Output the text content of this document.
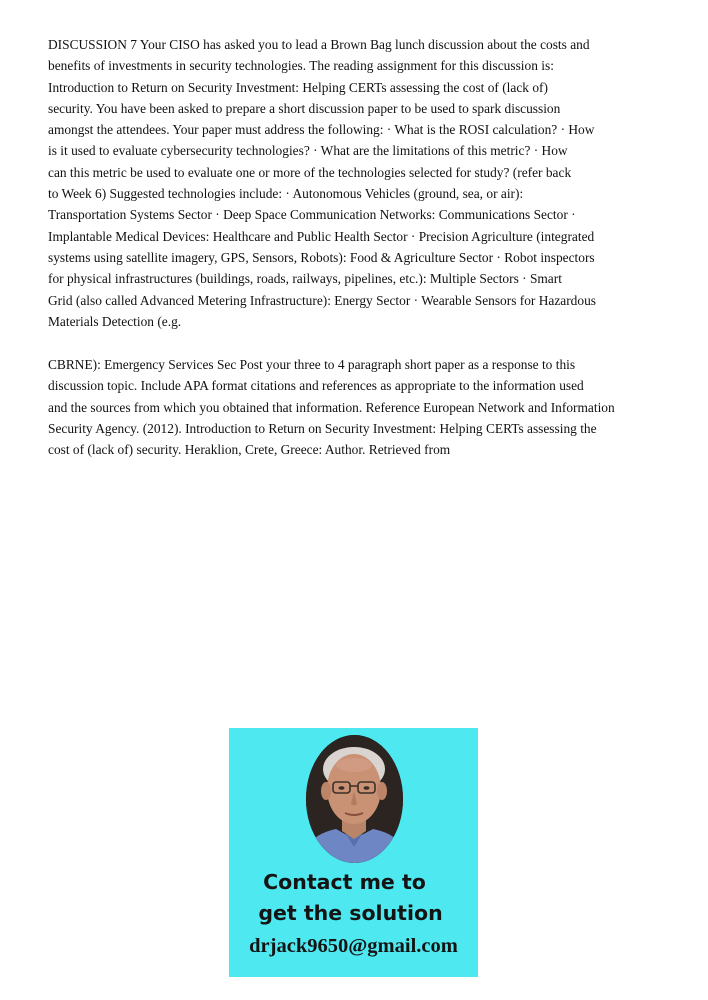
DISCUSSION 7 Your CISO has asked you to lead a Brown Bag lunch discussion about the costs and
benefits of investments in security technologies. The reading assignment for this discussion is:
Introduction to Return on Security Investment: Helping CERTs assessing the cost of (lack of)
security. You have been asked to prepare a short discussion paper to be used to spark discussion
amongst the attendees. Your paper must address the following: · What is the ROSI calculation? · How
is it used to evaluate cybersecurity technologies? · What are the limitations of this metric? · How
can this metric be used to evaluate one or more of the technologies selected for study? (refer back
to Week 6) Suggested technologies include: · Autonomous Vehicles (ground, sea, or air):
Transportation Systems Sector · Deep Space Communication Networks: Communications Sector ·
Implantable Medical Devices: Healthcare and Public Health Sector · Precision Agriculture (integrated
systems using satellite imagery, GPS, Sensors, Robots): Food & Agriculture Sector · Robot inspectors
for physical infrastructures (buildings, roads, railways, pipelines, etc.): Multiple Sectors · Smart
Grid (also called Advanced Metering Infrastructure): Energy Sector · Wearable Sensors for Hazardous
Materials Detection (e.g.

CBRNE): Emergency Services Sec Post your three to 4 paragraph short paper as a response to this
discussion topic. Include APA format citations and references as appropriate to the information used
and the sources from which you obtained that information. Reference European Network and Information
Security Agency. (2012). Introduction to Return on Security Investment: Helping CERTs assessing the
cost of (lack of) security. Heraklion, Crete, Greece: Author. Retrieved from

Contact me to

get the solution

drjack9650@gmail.com
